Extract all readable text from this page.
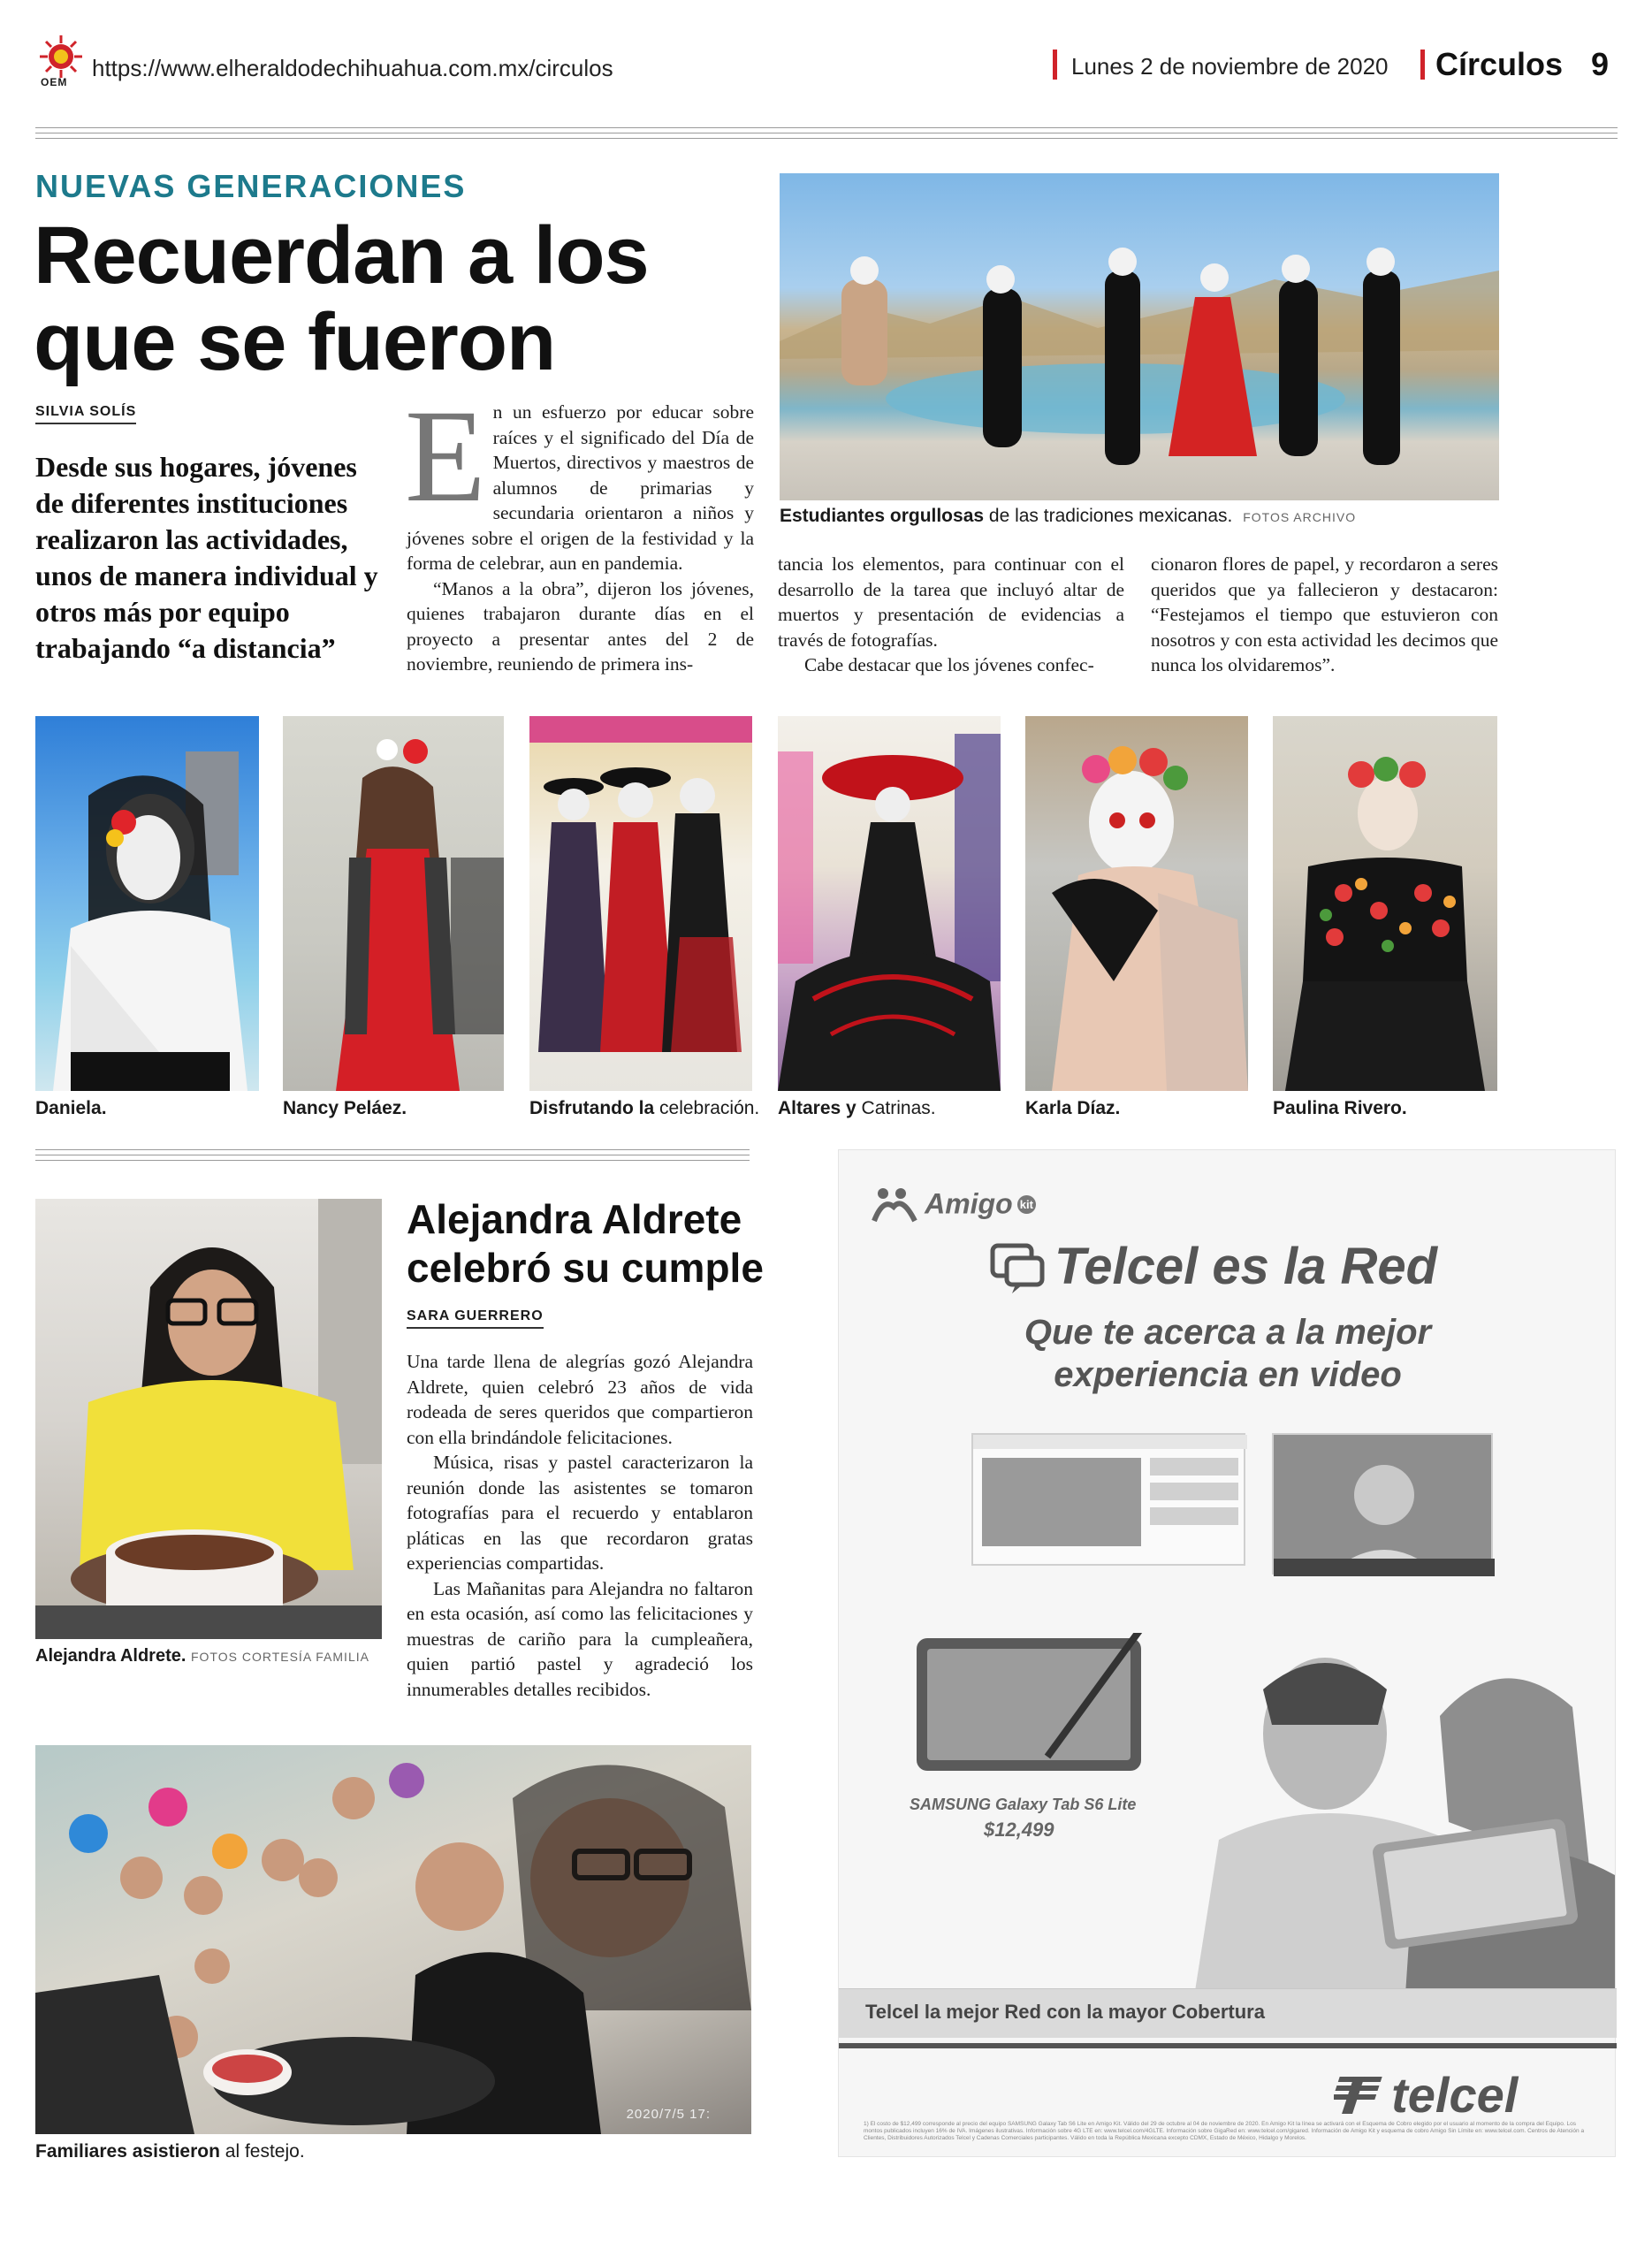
OEM
https://www.elheraldodechihuahua.com.mx/circulos	Lunes 2 de noviembre de 2020 Círculos 9
NUEVAS GENERACIONES
Recuerdan a los
que se fueron
SILVIA SOLÍS
Desde sus hogares, jóvenes de diferentes instituciones realizaron las actividades, unos de manera individual y otros más por equipo trabajando “a distancia”
E n un esfuerzo por educar sobre raíces y el significado del Día de Muertos, directivos y maestros de alumnos de primarias y secundaria orientaron a niños y jóvenes sobre el origen de la festividad y la forma de celebrar, aun en pandemia.

“Manos a la obra”, dijeron los jóvenes, quienes trabajaron durante días en el proyecto a presentar antes del 2 de noviembre, reuniendo de primera ins-

tancia los elementos, para continuar con el desarrollo de la tarea que incluyó altar de muertos y presentación de evidencias a través de fotografías.

Cabe destacar que los jóvenes confec-

cionaron flores de papel, y recordaron a seres queridos que ya fallecieron y destacaron: “Festejamos el tiempo que estuvieron con nosotros y con esta actividad les decimos que nunca los olvidaremos”.

Estudiantes orgullosas de las tradiciones mexicanas. FOTOS ARCHIVO
Daniela.	Nancy Peláez.	Disfrutando la celebración. Altares y Catrinas.	Karla Díaz.	Paulina Rivero.
Alejandra Aldrete. FOTOS CORTESÍA FAMILIA
Alejandra Aldrete
celebró su cumple
SARA GUERRERO

Una tarde llena de alegrías gozó Alejandra Aldrete, quien celebró 23 años de vida rodeada de seres queridos que compartieron con ella brindándole felicitaciones.

Música, risas y pastel caracterizaron la reunión donde las asistentes se tomaron fotografías para el recuerdo y entablaron pláticas en las que recordaron gratas experiencias compartidas.

Las Mañanitas para Alejandra no faltaron en esta ocasión, así como las felicitaciones y muestras de cariño para la cumpleañera, quien partió pastel y agradeció los innumerables detalles recibidos.

2020/7/5 17:
Familiares asistieron al festejo.
Amigo kit
Telcel es la Red
Que te acerca a la mejor
experiencia en video
SAMSUNG Galaxy Tab S6 Lite
$12,499
Telcel la mejor Red con la mayor Cobertura
telcel
1) El costo de $12,499 corresponde al precio del equipo SAMSUNG Galaxy Tab S6 Lite en Amigo Kit. Válido del 29 de octubre al 04 de noviembre de 2020. En Amigo Kit la línea se activará con el Esquema de Cobro elegido por el usuario al momento de la compra del Equipo. Los montos publicados incluyen 16% de IVA. Imágenes ilustrativas. Información sobre 4G LTE en: www.telcel.com/4GLTE. Información sobre GigaRed en: www.telcel.com/gigared. Información de Amigo Kit y esquema de cobro Amigo Sin Límite en: www.telcel.com. Centros de Atención a Clientes, Distribuidores Autorizados Telcel y Cadenas Comerciales participantes. Válido en toda la República Mexicana excepto CDMX, Estado de México, Hidalgo y Morelos.
